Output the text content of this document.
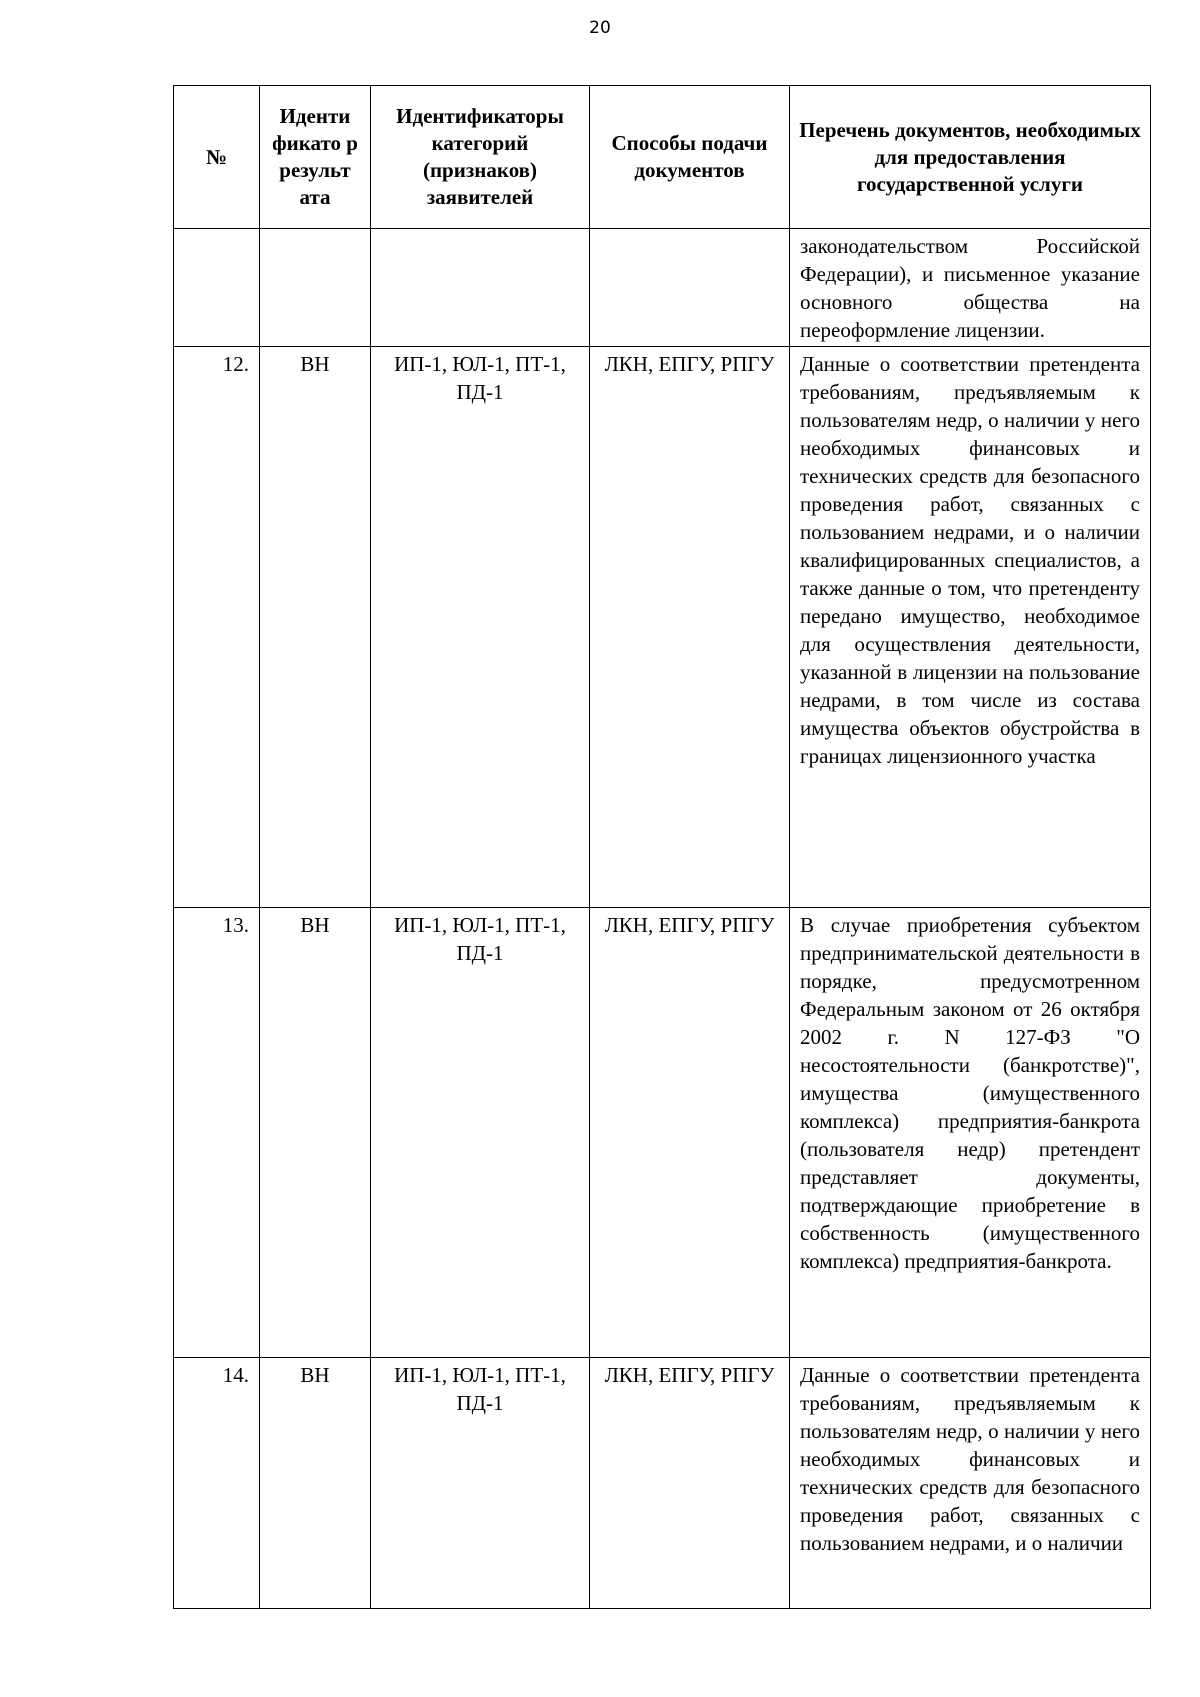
20
№	Иденти фикато р результ ата	Идентификаторы категорий (признаков) заявителей	Способы подачи документов	Перечень документов, необходимых для предоставления государственной услуги
				законодательством Российской Федерации), и письменное указание основного общества на переоформление лицензии.
12.	ВН	ИП-1, ЮЛ-1, ПТ-1, ПД-1	ЛКН, ЕПГУ, РПГУ	Данные о соответствии претендента требованиям, предъявляемым к пользователям недр, о наличии у него необходимых финансовых и технических средств для безопасного проведения работ, связанных с пользованием недрами, и о наличии квалифицированных специалистов, а также данные о том, что претенденту передано имущество, необходимое для осуществления деятельности, указанной в лицензии на пользование недрами, в том числе из состава имущества объектов обустройства в границах лицензионного участка
13.	ВН	ИП-1, ЮЛ-1, ПТ-1, ПД-1	ЛКН, ЕПГУ, РПГУ	В случае приобретения субъектом предпринимательской деятельности в порядке, предусмотренном Федеральным законом от 26 октября 2002 г. N 127-ФЗ "О несостоятельности (банкротстве)", имущества (имущественного комплекса) предприятия-банкрота (пользователя недр) претендент представляет документы, подтверждающие приобретение в собственность (имущественного комплекса) предприятия-банкрота.
14.	ВН	ИП-1, ЮЛ-1, ПТ-1, ПД-1	ЛКН, ЕПГУ, РПГУ	Данные о соответствии претендента требованиям, предъявляемым к пользователям недр, о наличии у него необходимых финансовых и технических средств для безопасного проведения работ, связанных с пользованием недрами, и о наличии
